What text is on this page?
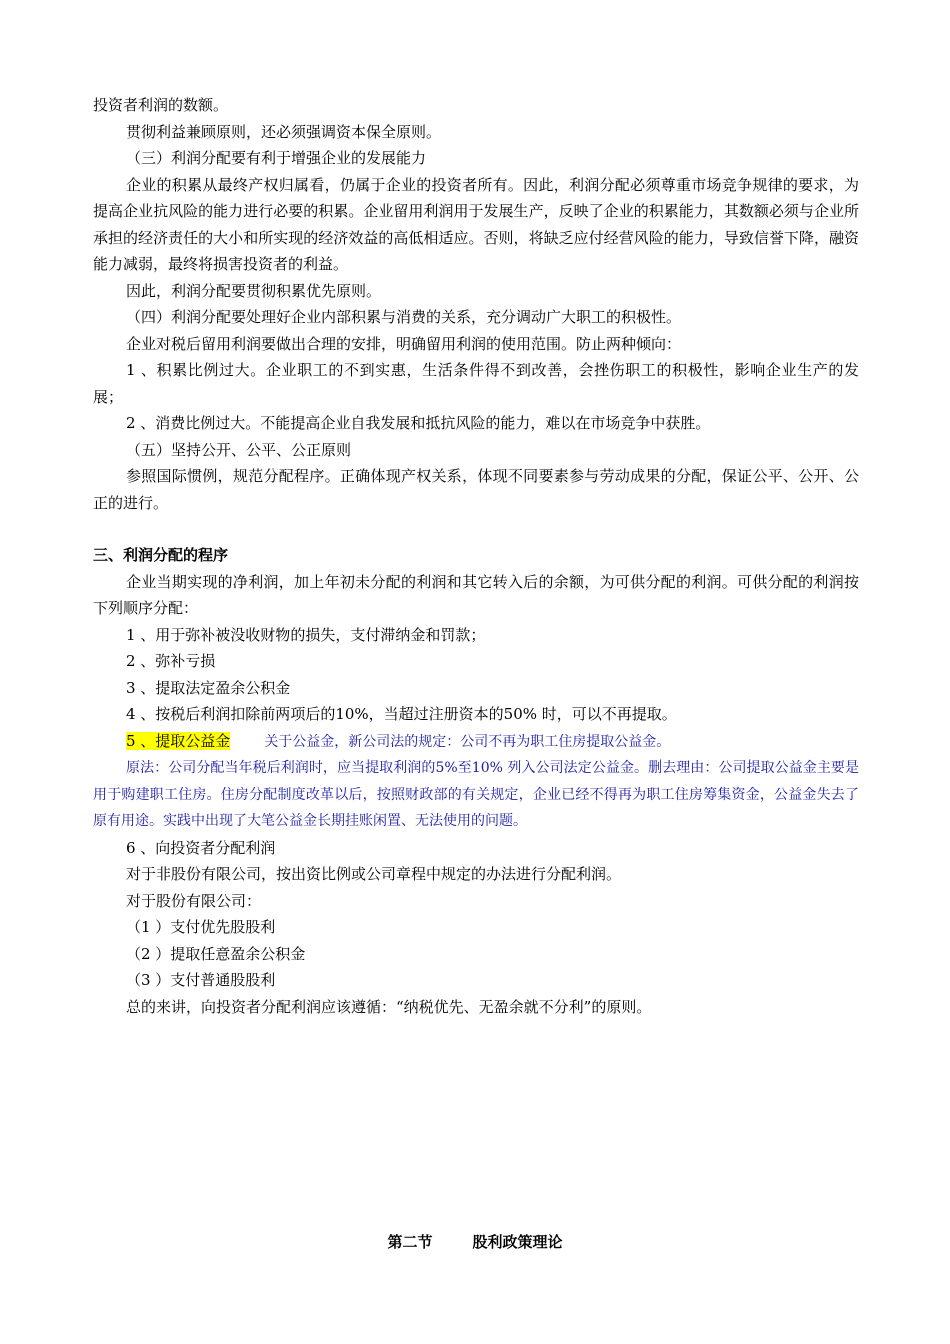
投资者利润的数额。

贯彻利益兼顾原则，还必须强调资本保全原则。

（三）利润分配要有利于增强企业的发展能力

企业的积累从最终产权归属看，仍属于企业的投资者所有。因此，利润分配必须尊重市场竞争规律的要求，为提高企业抗风险的能力进行必要的积累。企业留用利润用于发展生产，反映了企业的积累能力，其数额必须与企业所承担的经济责任的大小和所实现的经济效益的高低相适应。否则，将缺乏应付经营风险的能力，导致信誉下降，融资能力减弱，最终将损害投资者的利益。

因此，利润分配要贯彻积累优先原则。

（四）利润分配要处理好企业内部积累与消费的关系，充分调动广大职工的积极性。

企业对税后留用利润要做出合理的安排，明确留用利润的使用范围。防止两种倾向：

1 、积累比例过大。企业职工的不到实惠，生活条件得不到改善，会挫伤职工的积极性，影响企业生产的发展；

2 、消费比例过大。不能提高企业自我发展和抵抗风险的能力，难以在市场竞争中获胜。

（五）坚持公开、公平、公正原则

参照国际惯例，规范分配程序。正确体现产权关系，体现不同要素参与劳动成果的分配，保证公平、公开、公正的进行。

三、利润分配的程序

企业当期实现的净利润，加上年初未分配的利润和其它转入后的余额，为可供分配的利润。可供分配的利润按下列顺序分配：

1 、用于弥补被没收财物的损失，支付滞纳金和罚款；

2 、弥补亏损

3 、提取法定盈余公积金

4 、按税后利润扣除前两项后的10%，当超过注册资本的50% 时，可以不再提取。

5 、提取公益金 关于公益金，新公司法的规定：公司不再为职工住房提取公益金。

原法：公司分配当年税后利润时，应当提取利润的5%至10% 列入公司法定公益金。删去理由：公司提取公益金主要是用于购建职工住房。住房分配制度改革以后，按照财政部的有关规定，企业已经不得再为职工住房筹集资金，公益金失去了原有用途。实践中出现了大笔公益金长期挂账闲置、无法使用的问题。

6 、向投资者分配利润

对于非股份有限公司，按出资比例或公司章程中规定的办法进行分配利润。

对于股份有限公司：

（1 ）支付优先股股利

（2 ）提取任意盈余公积金

（3 ）支付普通股股利

总的来讲，向投资者分配利润应该遵循：“纳税优先、无盈余就不分利”的原则。

第二节	股利政策理论
